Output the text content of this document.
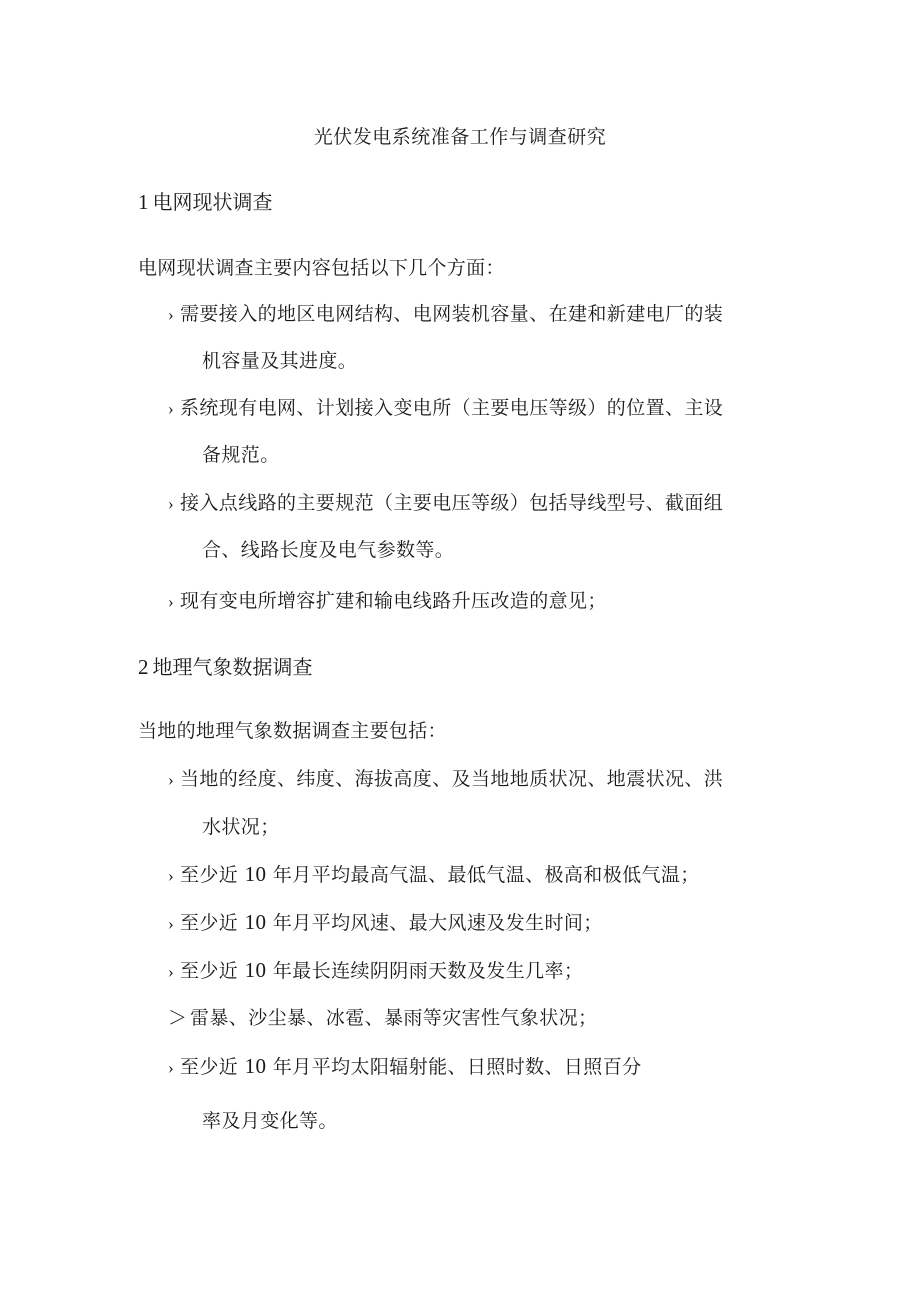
光伏发电系统准备工作与调查研究
1 电网现状调查
电网现状调查主要内容包括以下几个方面：
› 需要接入的地区电网结构、电网装机容量、在建和新建电厂的装
机容量及其进度。
› 系统现有电网、计划接入变电所（主要电压等级）的位置、主设
备规范。
› 接入点线路的主要规范（主要电压等级）包括导线型号、截面组
合、线路长度及电气参数等。
› 现有变电所增容扩建和输电线路升压改造的意见；
2 地理气象数据调查
当地的地理气象数据调查主要包括：
› 当地的经度、纬度、海拔高度、及当地地质状况、地震状况、洪
水状况；
› 至少近 10 年月平均最高气温、最低气温、极高和极低气温；
› 至少近 10 年月平均风速、最大风速及发生时间；
› 至少近 10 年最长连续阴阴雨天数及发生几率；
＞ 雷暴、沙尘暴、冰雹、暴雨等灾害性气象状况；
› 至少近 10 年月平均太阳辐射能、日照时数、日照百分
率及月变化等。
